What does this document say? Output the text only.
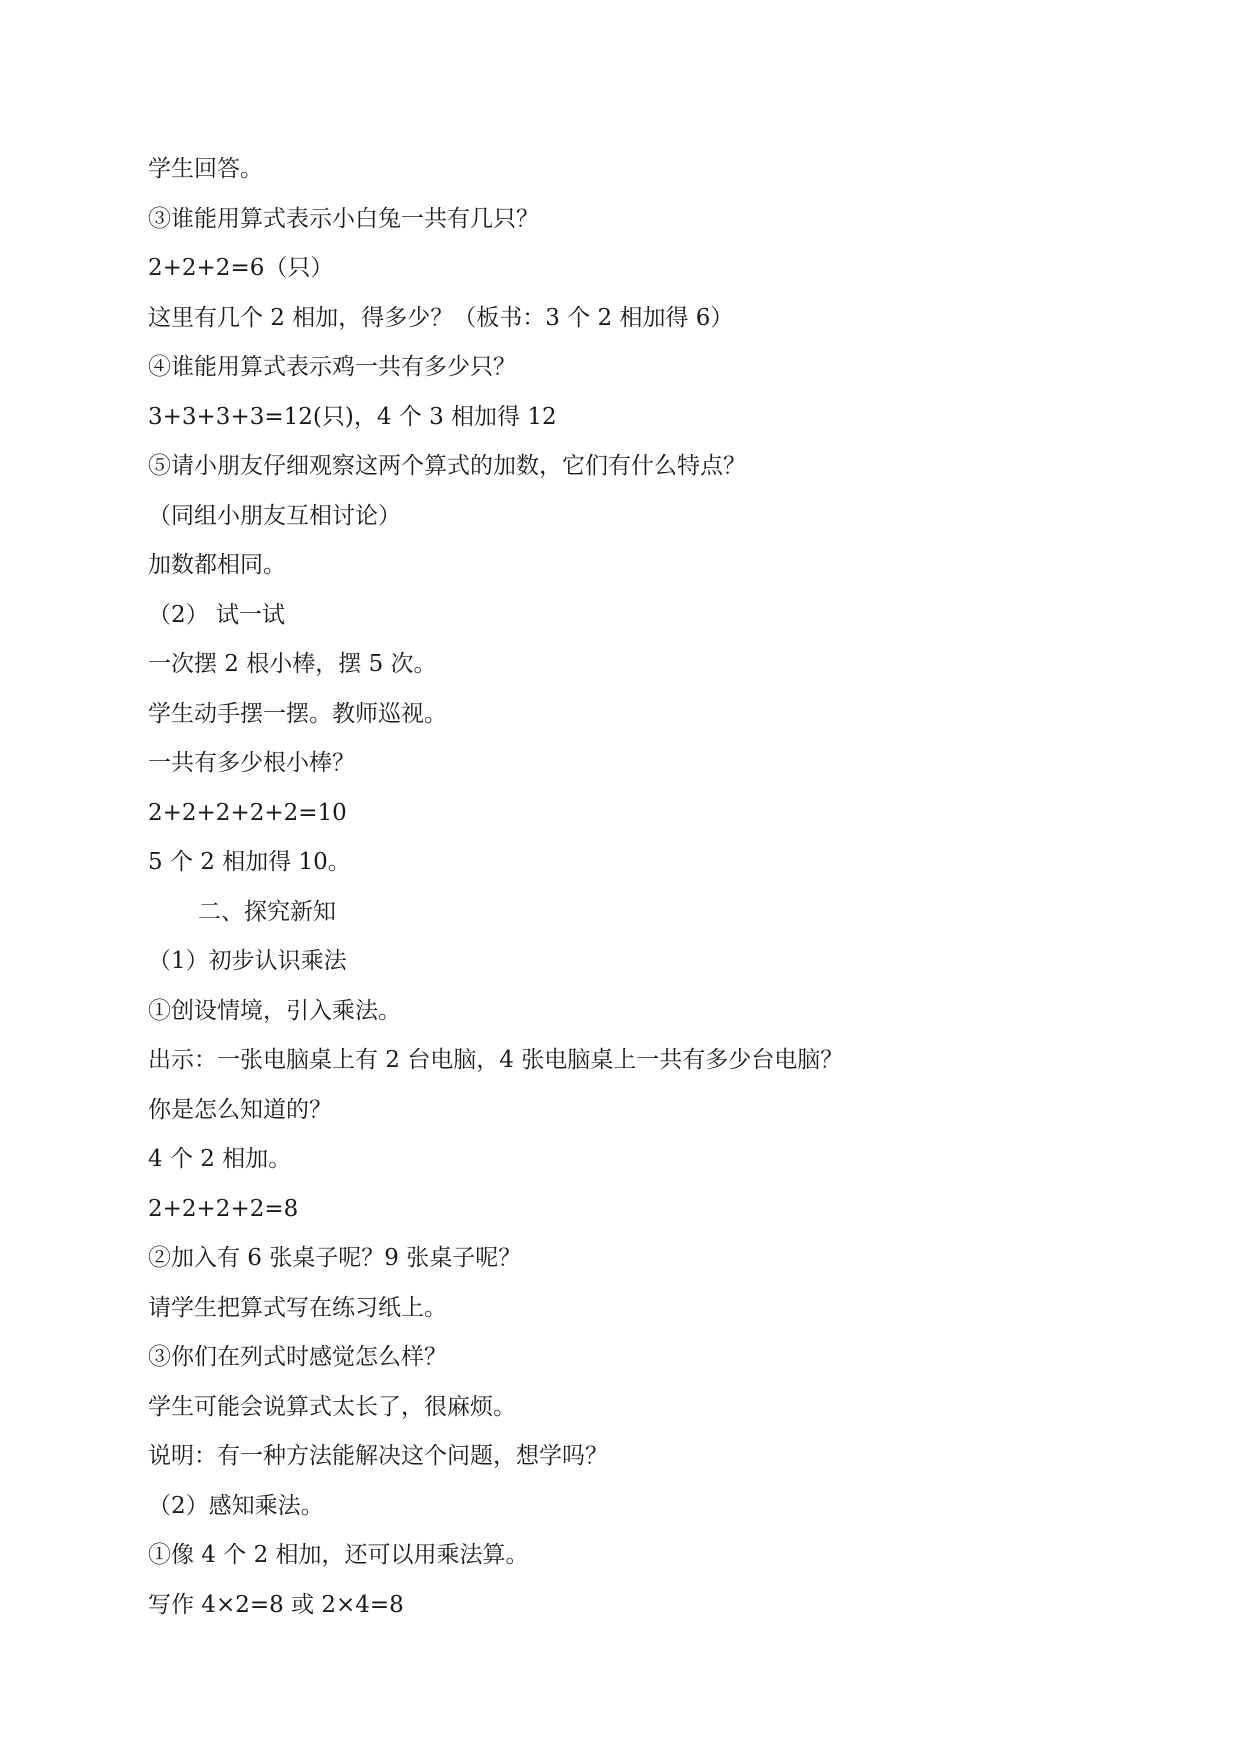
学生回答。
③谁能用算式表示小白兔一共有几只？
2+2+2=6（只）
这里有几个 2 相加，得多少？（板书：3 个 2 相加得 6）
④谁能用算式表示鸡一共有多少只？
3+3+3+3=12(只)，4 个 3 相加得 12
⑤请小朋友仔细观察这两个算式的加数，它们有什么特点？
（同组小朋友互相讨论）
加数都相同。
（2） 试一试
一次摆 2 根小棒，摆 5 次。
学生动手摆一摆。教师巡视。
一共有多少根小棒？
2+2+2+2+2=10
5 个 2 相加得 10。
二、探究新知
（1）初步认识乘法
①创设情境，引入乘法。
出示：一张电脑桌上有 2 台电脑，4 张电脑桌上一共有多少台电脑？
你是怎么知道的？
4 个 2 相加。
2+2+2+2=8
②加入有 6 张桌子呢？9 张桌子呢？
请学生把算式写在练习纸上。
③你们在列式时感觉怎么样？
学生可能会说算式太长了，很麻烦。
说明：有一种方法能解决这个问题，想学吗？
（2）感知乘法。
①像 4 个 2 相加，还可以用乘法算。
写作 4×2=8 或 2×4=8
